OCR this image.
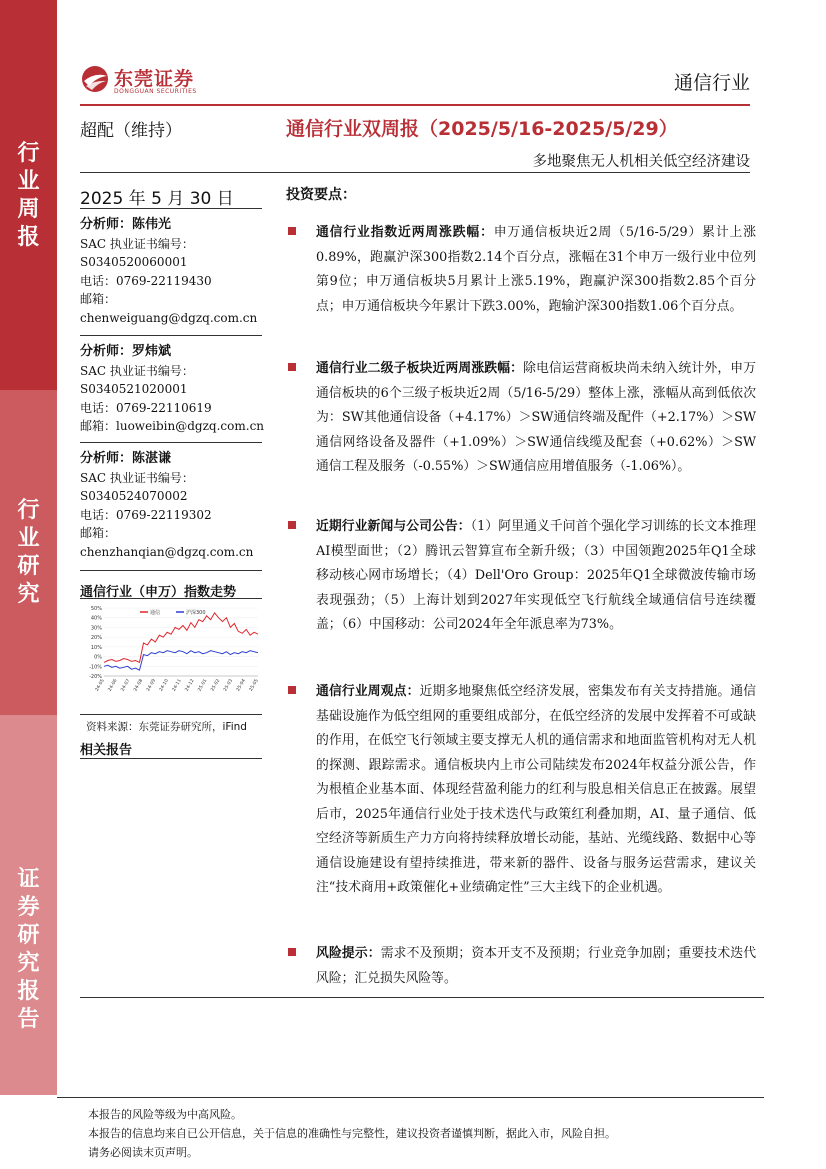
行
业
周
报
行
业
研
究
证
券
研
究
报
告
东莞证券
DONGGUAN SECURITIES	通信行业
超配（维持）	通信行业双周报（2025/5/16-2025/5/29）
多地聚焦无人机相关低空经济建设
2025 年 5 月 30 日
分析师：陈伟光
SAC 执业证书编号：
S0340520060001
电话：0769-22119430
邮箱：
chenweiguang@dgzq.com.cn
分析师：罗炜斌
SAC 执业证书编号：
S0340521020001
电话：0769-22110619
邮箱：luoweibin@dgzq.com.cn
分析师：陈湛谦
SAC 执业证书编号：
S0340524070002
电话：0769-22119302
邮箱：
chenzhanqian@dgzq.com.cn
通信行业（申万）指数走势
50%
40%
30%
20%
10%
0%
-10%
-20%
24-05 24-06 24-07 24-08 24-09 24-10 24-11 24-12 25-01 25-02 25-03 25-04 25-05
通信	沪深300
资料来源：东莞证券研究所，iFind
相关报告
投资要点：
通信行业指数近两周涨跌幅：申万通信板块近2周（5/16-5/29）累计上涨0.89%，跑赢沪深300指数2.14个百分点，涨幅在31个申万一级行业中位列第9位；申万通信板块5月累计上涨5.19%，跑赢沪深300指数2.85个百分点；申万通信板块今年累计下跌3.00%，跑输沪深300指数1.06个百分点。
通信行业二级子板块近两周涨跌幅：除电信运营商板块尚未纳入统计外，申万通信板块的6个三级子板块近2周（5/16-5/29）整体上涨，涨幅从高到低依次为：SW其他通信设备（+4.17%）＞SW通信终端及配件（+2.17%）＞SW通信网络设备及器件（+1.09%）＞SW通信线缆及配套（+0.62%）＞SW通信工程及服务（-0.55%）＞SW通信应用增值服务（-1.06%）。
近期行业新闻与公司公告：（1）阿里通义千问首个强化学习训练的长文本推理AI模型面世；（2）腾讯云智算宣布全新升级；（3）中国领跑2025年Q1全球移动核心网市场增长；（4）Dell'Oro Group：2025年Q1全球微波传输市场表现强劲；（5）上海计划到2027年实现低空飞行航线全域通信信号连续覆盖；（6）中国移动：公司2024年全年派息率为73%。
通信行业周观点：近期多地聚焦低空经济发展，密集发布有关支持措施。通信基础设施作为低空组网的重要组成部分，在低空经济的发展中发挥着不可或缺的作用，在低空飞行领域主要支撑无人机的通信需求和地面监管机构对无人机的探测、跟踪需求。通信板块内上市公司陆续发布2024年权益分派公告，作为根植企业基本面、体现经营盈利能力的红利与股息相关信息正在披露。展望后市，2025年通信行业处于技术迭代与政策红利叠加期，AI、量子通信、低空经济等新质生产力方向将持续释放增长动能，基站、光缆线路、数据中心等通信设施建设有望持续推进，带来新的器件、设备与服务运营需求，建议关注“技术商用+政策催化+业绩确定性”三大主线下的企业机遇。
风险提示：需求不及预期；资本开支不及预期；行业竞争加剧；重要技术迭代风险；汇兑损失风险等。
本报告的风险等级为中高风险。
本报告的信息均来自已公开信息，关于信息的准确性与完整性，建议投资者谨慎判断，据此入市，风险自担。
请务必阅读末页声明。
